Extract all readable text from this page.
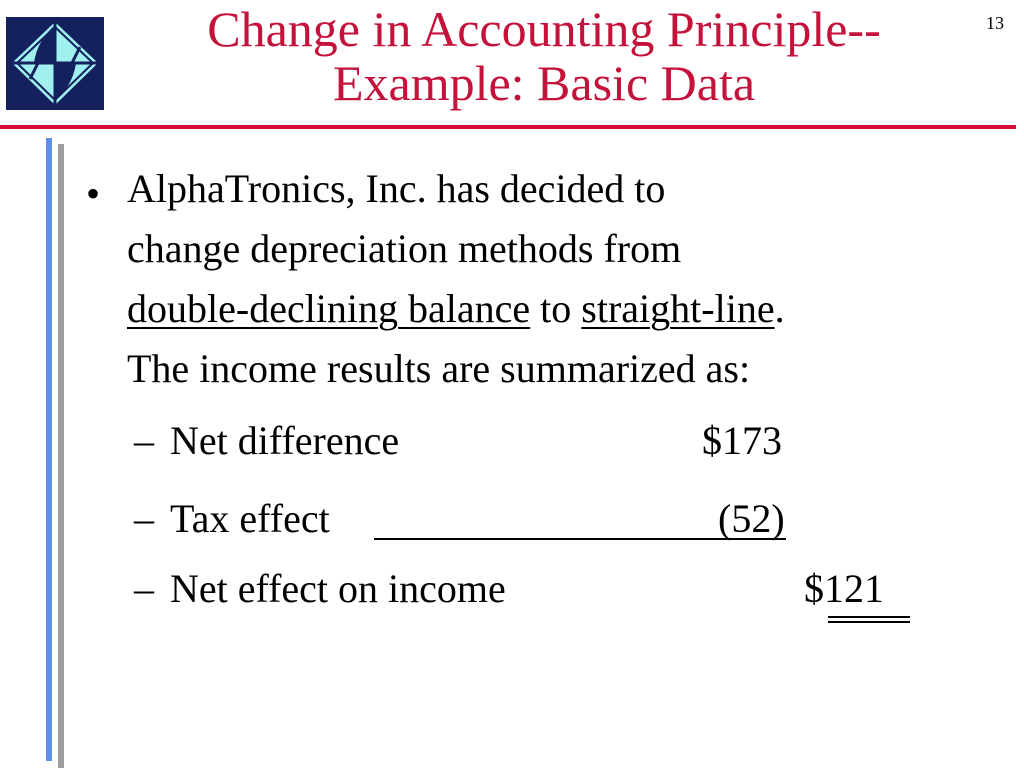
Change in Accounting Principle--
Example: Basic Data
13
• AlphaTronics, Inc. has decided to
change depreciation methods from
double-declining balance to straight-line.
The income results are summarized as:
– Net difference	$173
– Tax effect	(52)
– Net effect on income	$121
